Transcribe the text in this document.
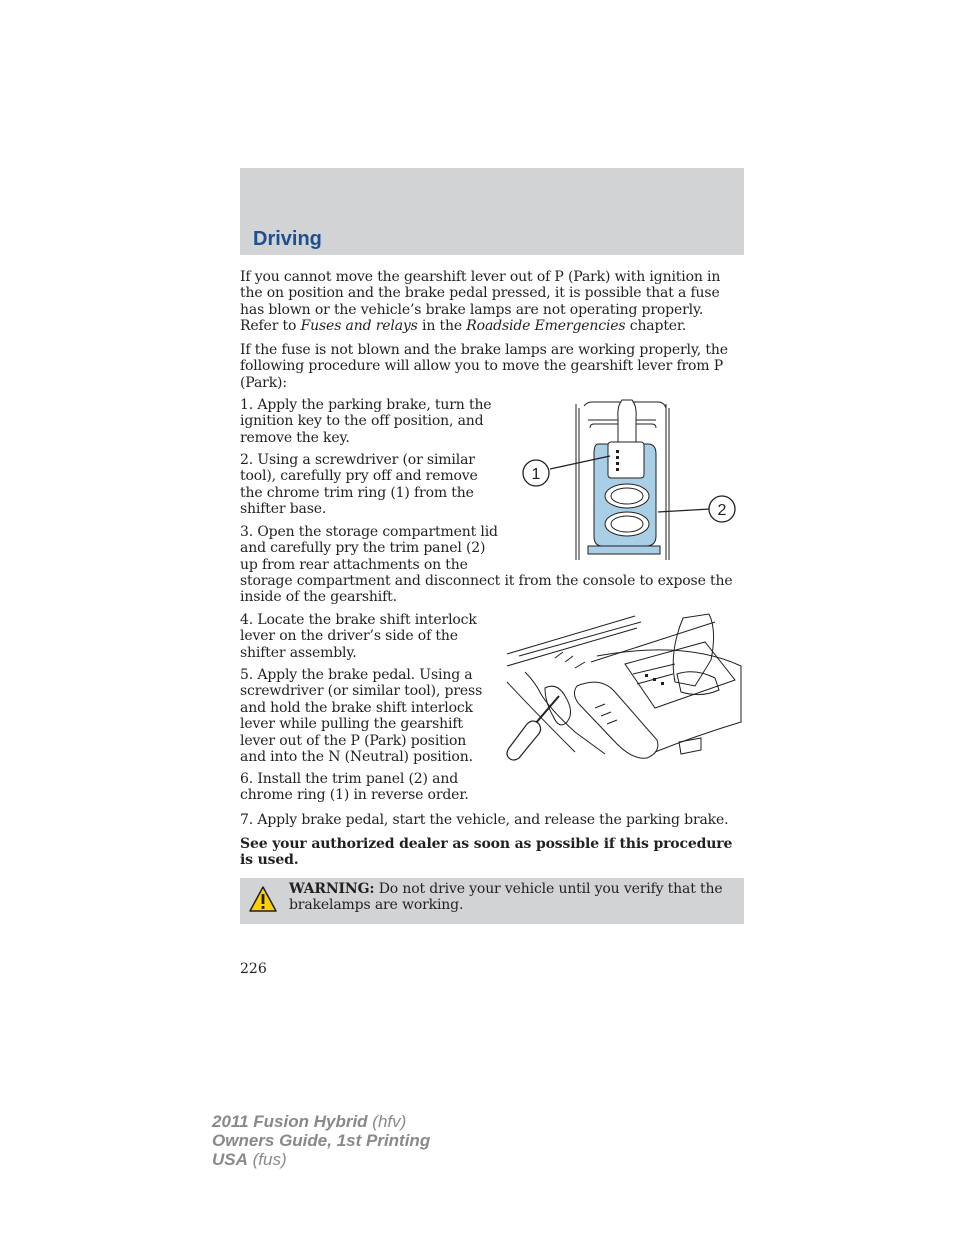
Driving

If you cannot move the gearshift lever out of P (Park) with ignition in the on position and the brake pedal pressed, it is possible that a fuse has blown or the vehicle’s brake lamps are not operating properly. Refer to Fuses and relays in the Roadside Emergencies chapter.

If the fuse is not blown and the brake lamps are working properly, the following procedure will allow you to move the gearshift lever from P (Park):

1. Apply the parking brake, turn the ignition key to the off position, and remove the key.

2. Using a screwdriver (or similar tool), carefully pry off and remove the chrome trim ring (1) from the shifter base.

3. Open the storage compartment lid and carefully pry the trim panel (2) up from rear attachments on the

storage compartment and disconnect it from the console to expose the inside of the gearshift.

4. Locate the brake shift interlock lever on the driver’s side of the shifter assembly.

5. Apply the brake pedal. Using a screwdriver (or similar tool), press and hold the brake shift interlock lever while pulling the gearshift lever out of the P (Park) position and into the N (Neutral) position.

6. Install the trim panel (2) and chrome ring (1) in reverse order.

7. Apply brake pedal, start the vehicle, and release the parking brake.

See your authorized dealer as soon as possible if this procedure is used.

1
2

WARNING: Do not drive your vehicle until you verify that the brakelamps are working.

226
2011 Fusion Hybrid (hfv)
Owners Guide, 1st Printing
USA (fus)
